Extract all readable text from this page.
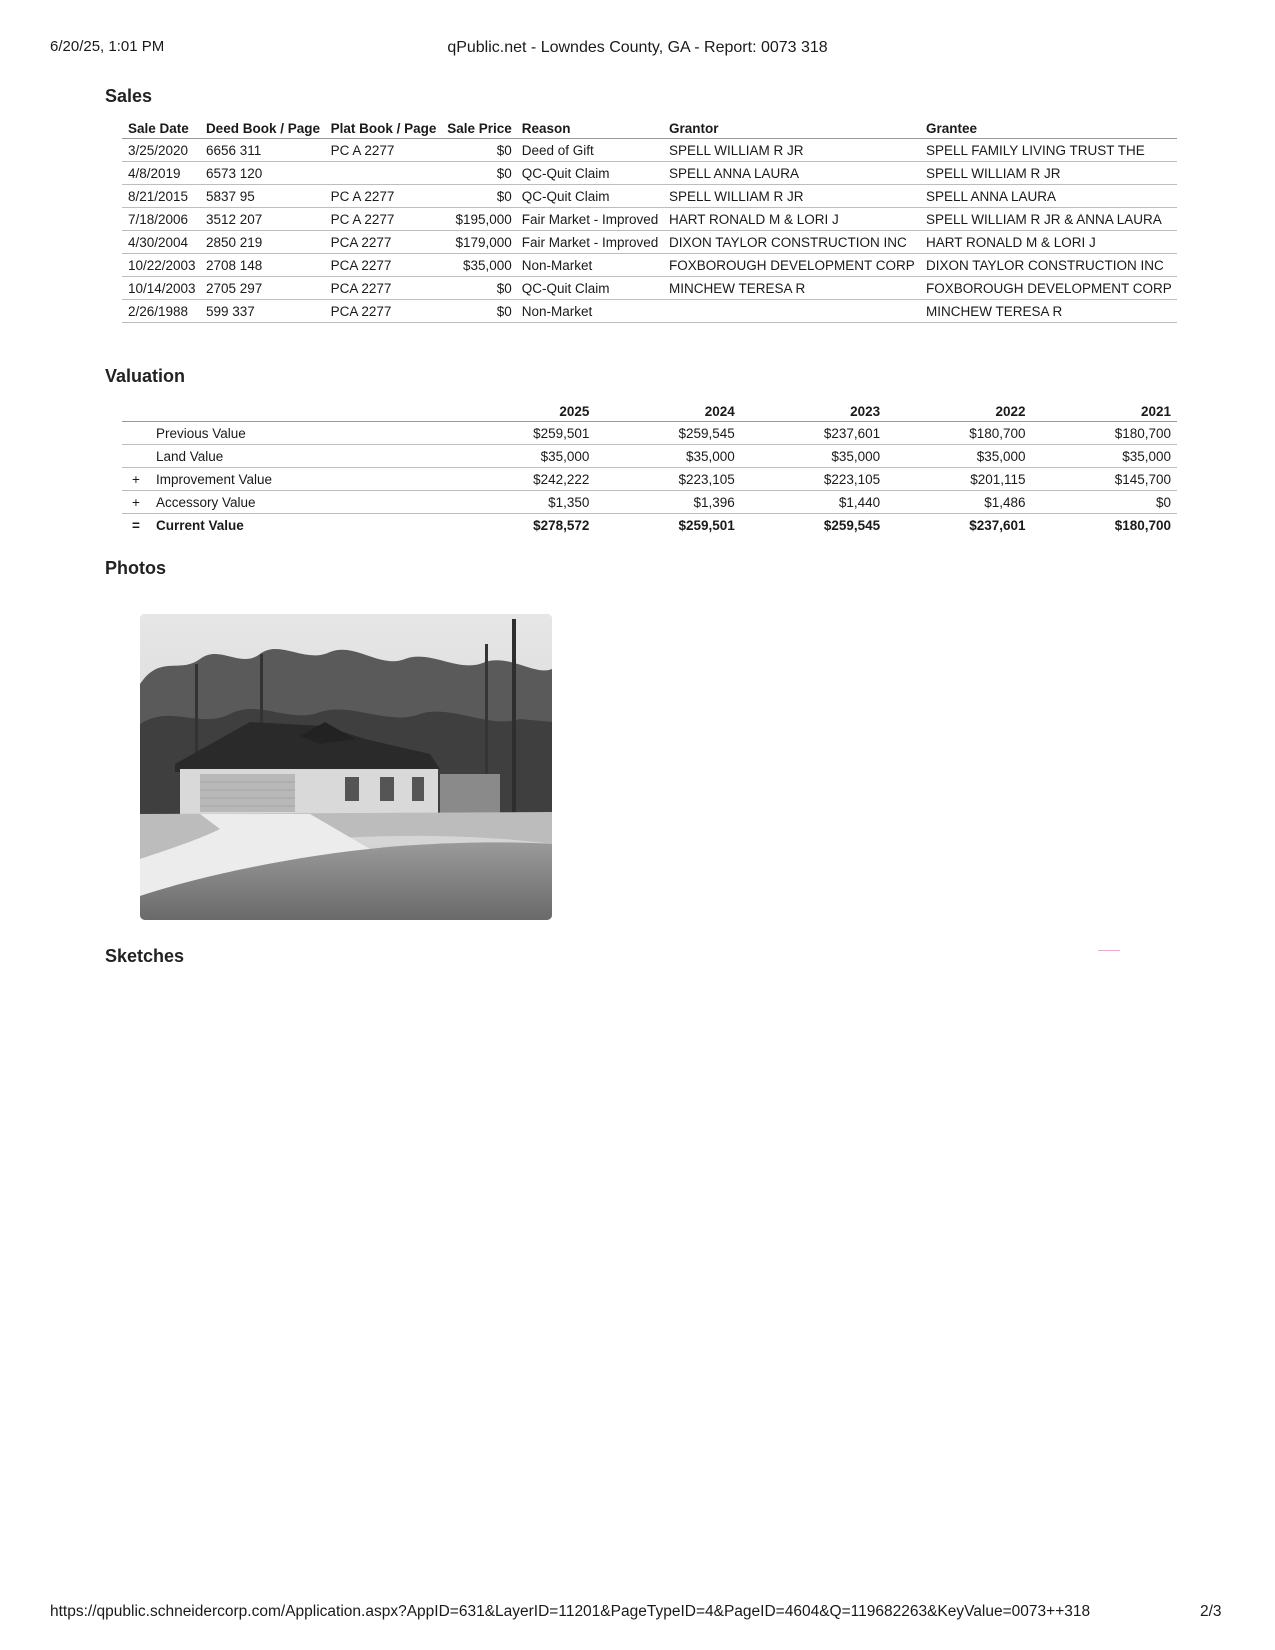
6/20/25, 1:01 PM	qPublic.net - Lowndes County, GA - Report: 0073 318
Sales
Sale Date	Deed Book / Page	Plat Book / Page	Sale Price	Reason	Grantor	Grantee
3/25/2020	6656 311	PC A 2277	$0	Deed of Gift	SPELL WILLIAM R JR	SPELL FAMILY LIVING TRUST THE
4/8/2019	6573 120		$0	QC-Quit Claim	SPELL ANNA LAURA	SPELL WILLIAM R JR
8/21/2015	5837 95	PC A 2277	$0	QC-Quit Claim	SPELL WILLIAM R JR	SPELL ANNA LAURA
7/18/2006	3512 207	PC A 2277	$195,000	Fair Market - Improved	HART RONALD M & LORI J	SPELL WILLIAM R JR & ANNA LAURA
4/30/2004	2850 219	PCA 2277	$179,000	Fair Market - Improved	DIXON TAYLOR CONSTRUCTION INC	HART RONALD M & LORI J
10/22/2003	2708 148	PCA 2277	$35,000	Non-Market	FOXBOROUGH DEVELOPMENT CORP	DIXON TAYLOR CONSTRUCTION INC
10/14/2003	2705 297	PCA 2277	$0	QC-Quit Claim	MINCHEW TERESA R	FOXBOROUGH DEVELOPMENT CORP
2/26/1988	599 337	PCA 2277	$0	Non-Market		MINCHEW TERESA R
Valuation
		2025	2024	2023	2022	2021
	Previous Value	$259,501	$259,545	$237,601	$180,700	$180,700
	Land Value	$35,000	$35,000	$35,000	$35,000	$35,000
+	Improvement Value	$242,222	$223,105	$223,105	$201,115	$145,700
+	Accessory Value	$1,350	$1,396	$1,440	$1,486	$0
=	Current Value	$278,572	$259,501	$259,545	$237,601	$180,700
Photos
Sketches
https://qpublic.schneidercorp.com/Application.aspx?AppID=631&LayerID=11201&PageTypeID=4&PageID=4604&Q=119682263&KeyValue=0073++318	2/3
